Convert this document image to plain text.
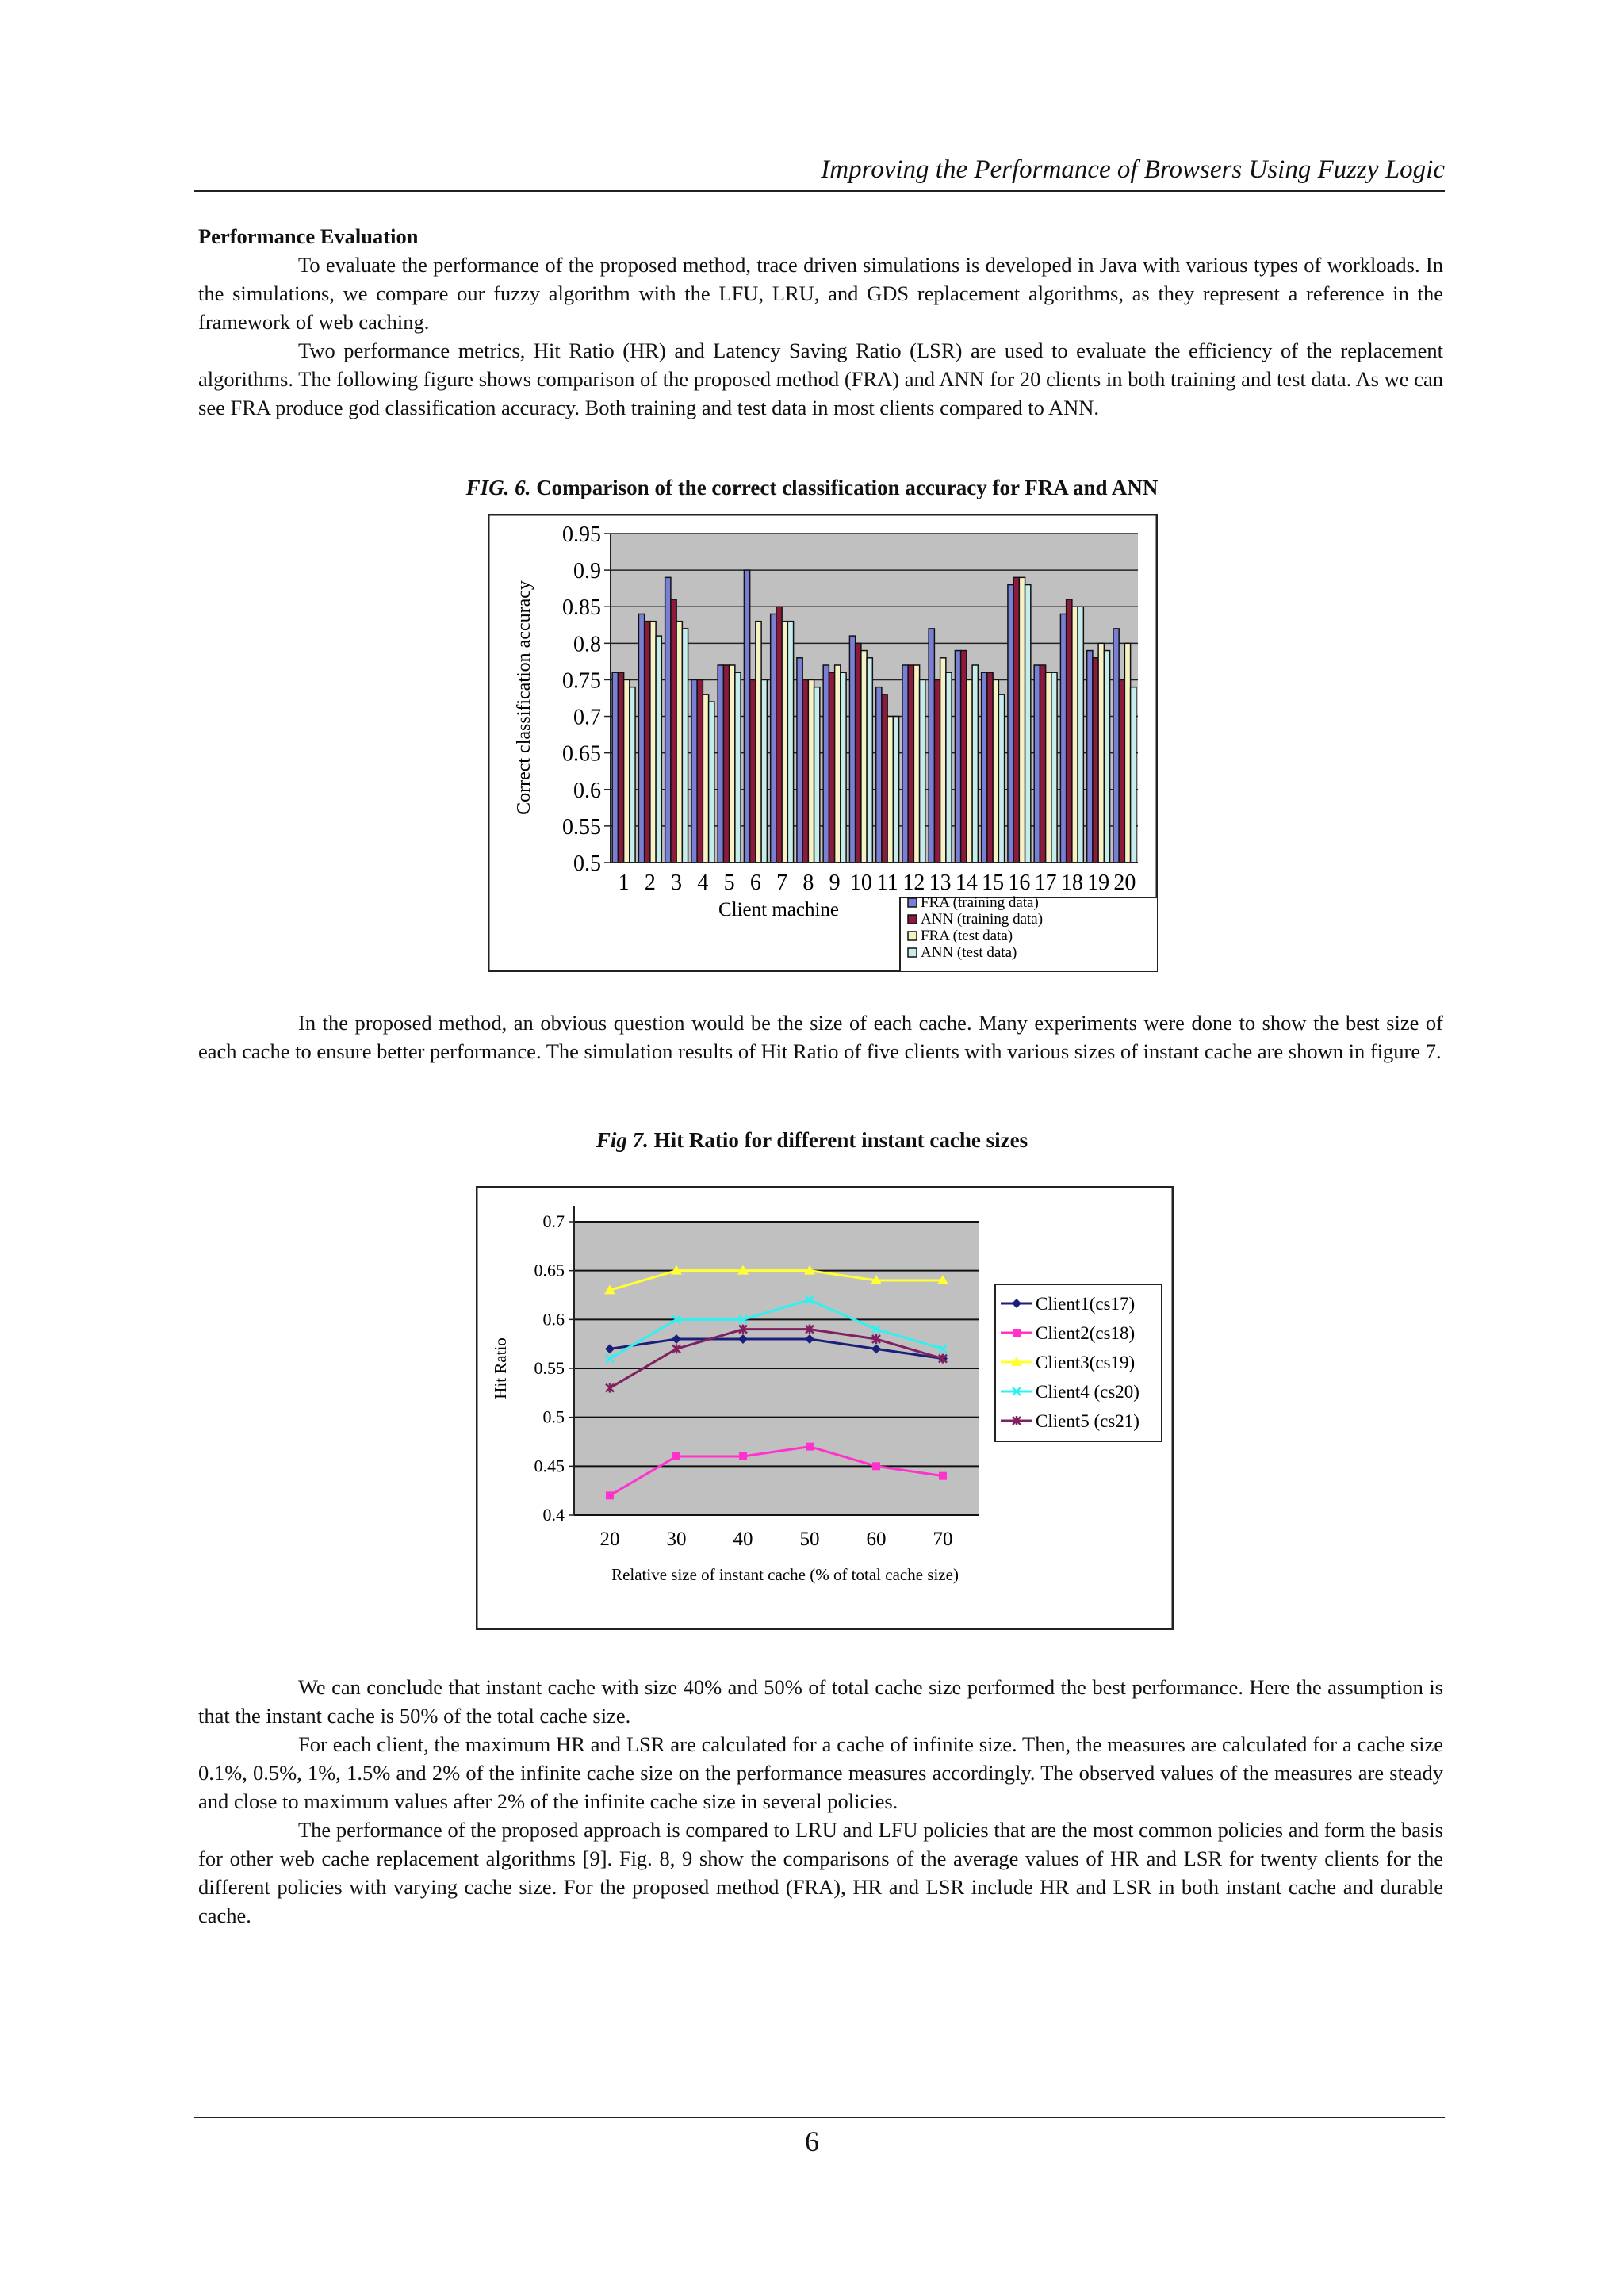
Improving the Performance of Browsers Using Fuzzy Logic

Performance Evaluation

To evaluate the performance of the proposed method, trace driven simulations is developed in Java with various types of workloads. In the simulations, we compare our fuzzy algorithm with the LFU, LRU, and GDS replacement algorithms, as they represent a reference in the framework of web caching.

Two performance metrics, Hit Ratio (HR) and Latency Saving Ratio (LSR) are used to evaluate the efficiency of the replacement algorithms. The following figure shows comparison of the proposed method (FRA) and ANN for 20 clients in both training and test data. As we can see FRA produce god classification accuracy. Both training and test data in most clients compared to ANN.

FIG. 6. Comparison of the correct classification accuracy for FRA and ANN
0.95
0.9
0.85
0.8
0.75
0.7
0.65
0.6
0.55
0.5
1 2 3 4 5 6 7 8 9 10 11 12 13 14 15 16 17 18 19 20
Correct classification accuracy
Client machine	FRA (training data)
ANN (training data)
FRA (test data)
ANN (test data)

In the proposed method, an obvious question would be the size of each cache. Many experiments were done to show the best size of each cache to ensure better performance. The simulation results of Hit Ratio of five clients with various sizes of instant cache are shown in figure 7.

Fig 7. Hit Ratio for different instant cache sizes
0.7
0.65
0.6
0.55
0.5
0.45
0.4
20 30 40 50 60 70
Hit Ratio
Relative size of instant cache (% of total cache size)
Client1(cs17)
Client2(cs18)
Client3(cs19)
Client4 (cs20)
Client5 (cs21)

We can conclude that instant cache with size 40% and 50% of total cache size performed the best performance. Here the assumption is that the instant cache is 50% of the total cache size.

For each client, the maximum HR and LSR are calculated for a cache of infinite size. Then, the measures are calculated for a cache size 0.1%, 0.5%, 1%, 1.5% and 2% of the infinite cache size on the performance measures accordingly. The observed values of the measures are steady and close to maximum values after 2% of the infinite cache size in several policies.

The performance of the proposed approach is compared to LRU and LFU policies that are the most common policies and form the basis for other web cache replacement algorithms [9]. Fig. 8, 9 show the comparisons of the average values of HR and LSR for twenty clients for the different policies with varying cache size. For the proposed method (FRA), HR and LSR include HR and LSR in both instant cache and durable cache.

6
